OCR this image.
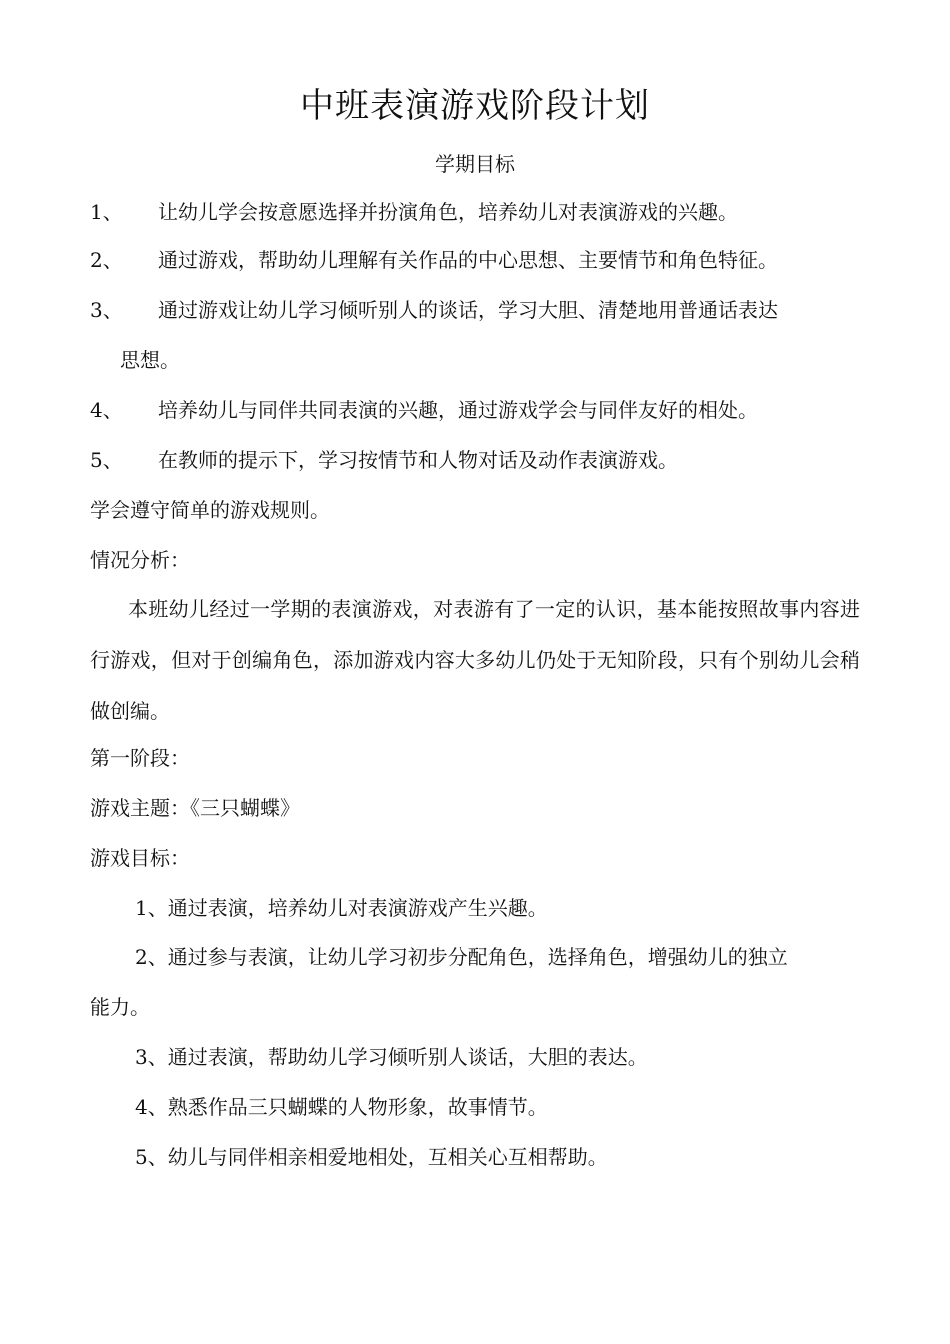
中班表演游戏阶段计划
学期目标
1、 让幼儿学会按意愿选择并扮演角色，培养幼儿对表演游戏的兴趣。
2、 通过游戏，帮助幼儿理解有关作品的中心思想、主要情节和角色特征。
3、 通过游戏让幼儿学习倾听别人的谈话，学习大胆、清楚地用普通话表达
思想。
4、 培养幼儿与同伴共同表演的兴趣，通过游戏学会与同伴友好的相处。
5、 在教师的提示下，学习按情节和人物对话及动作表演游戏。
学会遵守简单的游戏规则。
情况分析：
本班幼儿经过一学期的表演游戏，对表游有了一定的认识，基本能按照故事内容进行游戏，但对于创编角色，添加游戏内容大多幼儿仍处于无知阶段，只有个别幼儿会稍做创编。
第一阶段：
游戏主题：《三只蝴蝶》
游戏目标：
1、通过表演，培养幼儿对表演游戏产生兴趣。
2、通过参与表演，让幼儿学习初步分配角色，选择角色，增强幼儿的独立
能力。
3、通过表演，帮助幼儿学习倾听别人谈话，大胆的表达。
4、熟悉作品三只蝴蝶的人物形象，故事情节。
5、幼儿与同伴相亲相爱地相处，互相关心互相帮助。
